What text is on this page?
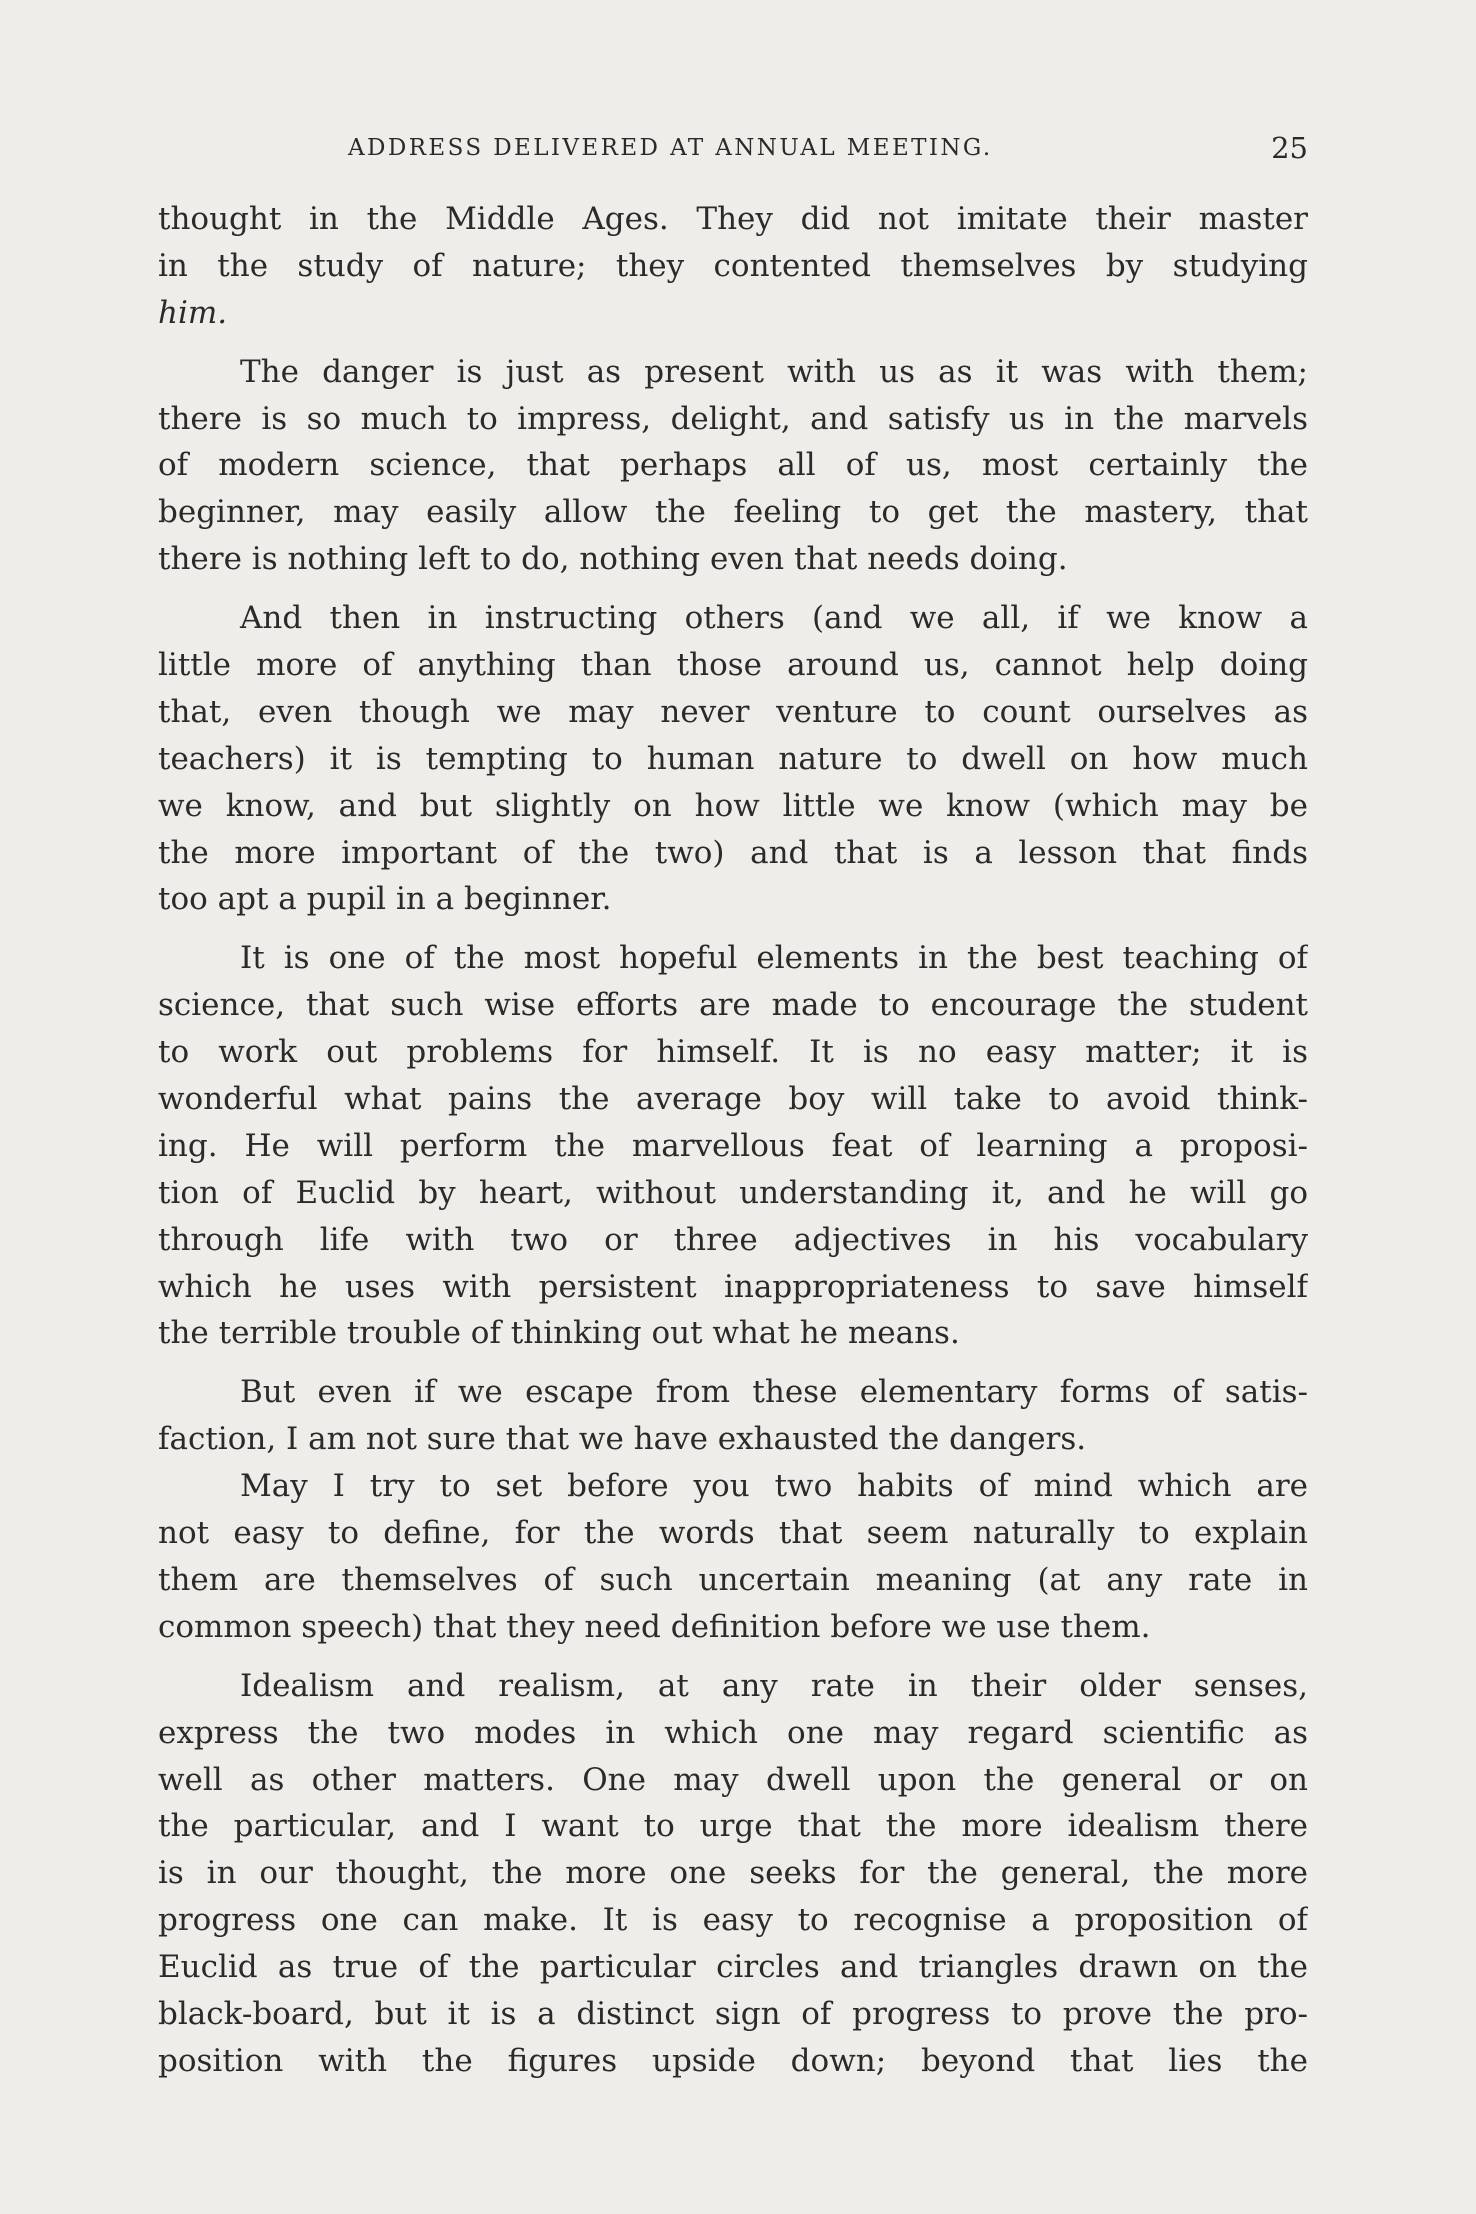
ADDRESS DELIVERED AT ANNUAL MEETING.	25
thought in the Middle Ages. They did not imitate their master
in the study of nature; they contented themselves by studying
him.
The danger is just as present with us as it was with them;
there is so much to impress, delight, and satisfy us in the marvels
of modern science, that perhaps all of us, most certainly the
beginner, may easily allow the feeling to get the mastery, that
there is nothing left to do, nothing even that needs doing.
And then in instructing others (and we all, if we know a
little more of anything than those around us, cannot help doing
that, even though we may never venture to count ourselves as
teachers) it is tempting to human nature to dwell on how much
we know, and but slightly on how little we know (which may be
the more important of the two) and that is a lesson that finds
too apt a pupil in a beginner.
It is one of the most hopeful elements in the best teaching of
science, that such wise efforts are made to encourage the student
to work out problems for himself. It is no easy matter; it is
wonderful what pains the average boy will take to avoid think-
ing. He will perform the marvellous feat of learning a proposi-
tion of Euclid by heart, without understanding it, and he will go
through life with two or three adjectives in his vocabulary
which he uses with persistent inappropriateness to save himself
the terrible trouble of thinking out what he means.
But even if we escape from these elementary forms of satis-
faction, I am not sure that we have exhausted the dangers.
May I try to set before you two habits of mind which are
not easy to define, for the words that seem naturally to explain
them are themselves of such uncertain meaning (at any rate in
common speech) that they need definition before we use them.
Idealism and realism, at any rate in their older senses,
express the two modes in which one may regard scientific as
well as other matters. One may dwell upon the general or on
the particular, and I want to urge that the more idealism there
is in our thought, the more one seeks for the general, the more
progress one can make. It is easy to recognise a proposition of
Euclid as true of the particular circles and triangles drawn on the
black-board, but it is a distinct sign of progress to prove the pro-
position with the figures upside down; beyond that lies the
